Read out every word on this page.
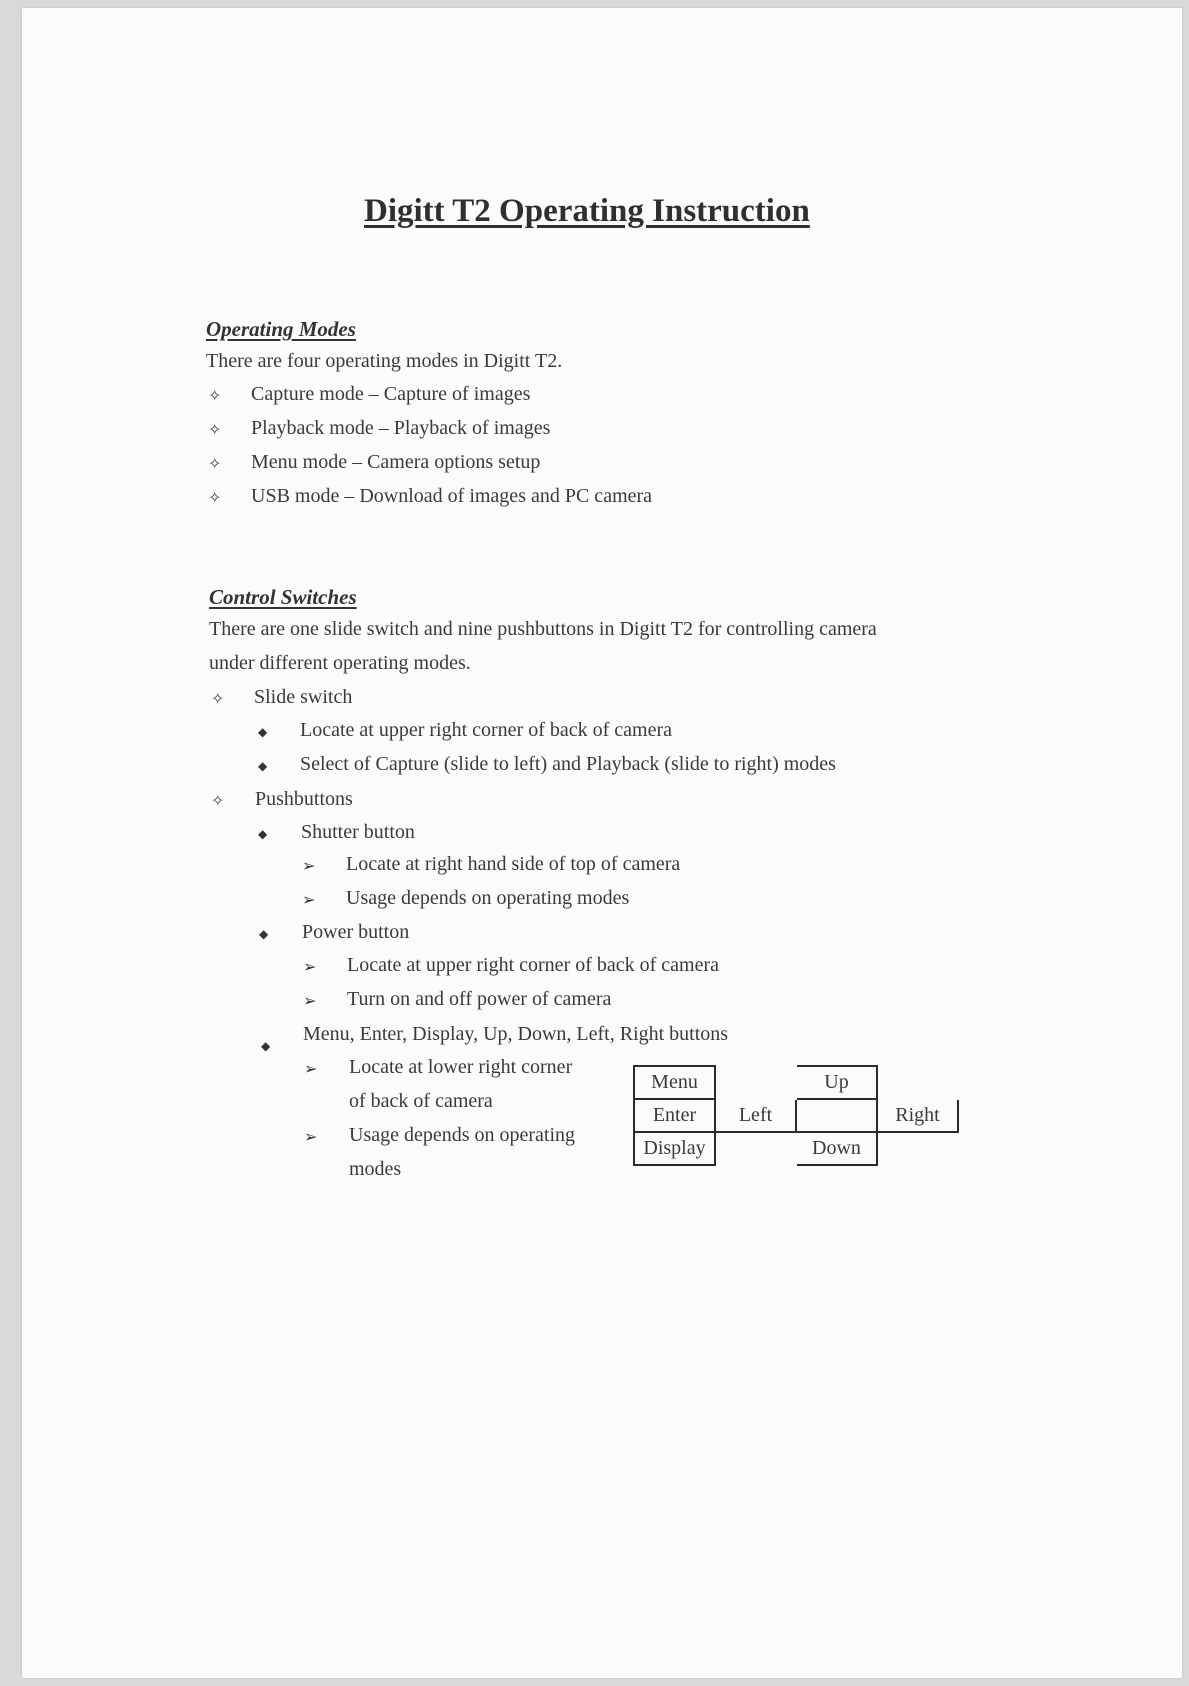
Digitt T2 Operating Instruction
Operating Modes
There are four operating modes in Digitt T2.
✧ Capture mode – Capture of images
✧ Playback mode – Playback of images
✧ Menu mode – Camera options setup
✧ USB mode – Download of images and PC camera
Control Switches
There are one slide switch and nine pushbuttons in Digitt T2 for controlling camera
under different operating modes.
✧ Slide switch
◆ Locate at upper right corner of back of camera
◆ Select of Capture (slide to left) and Playback (slide to right) modes
✧ Pushbuttons
◆ Shutter button
➢ Locate at right hand side of top of camera
➢ Usage depends on operating modes
◆ Power button
➢ Locate at upper right corner of back of camera
➢ Turn on and off power of camera
◆
Menu, Enter, Display, Up, Down, Left, Right buttons
➢ Locate at lower right corner
of back of camera
➢ Usage depends on operating
modes
Menu		Up	
Enter	Left		Right
Display		Down	
